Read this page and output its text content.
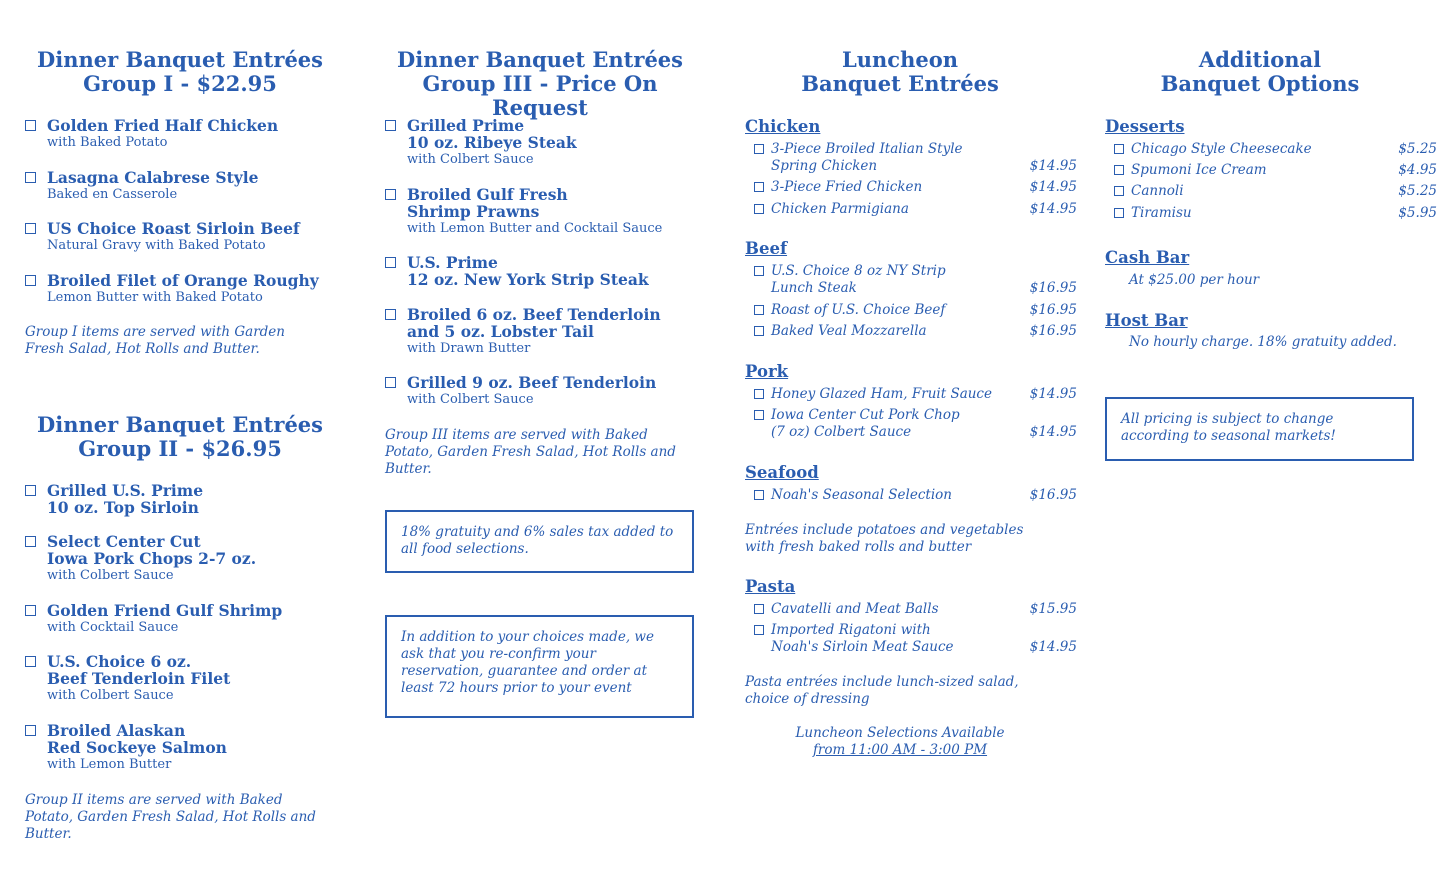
Dinner Banquet Entrées
Group I - $22.95
Golden Fried Half Chicken
with Baked Potato
Lasagna Calabrese Style
Baked en Casserole
US Choice Roast Sirloin Beef
Natural Gravy with Baked Potato
Broiled Filet of Orange Roughy
Lemon Butter with Baked Potato
Group I items are served with Garden Fresh Salad, Hot Rolls and Butter.
Dinner Banquet Entrées
Group II - $26.95
Grilled U.S. Prime
10 oz. Top Sirloin
Select Center Cut
Iowa Pork Chops 2-7 oz.
with Colbert Sauce
Golden Friend Gulf Shrimp
with Cocktail Sauce
U.S. Choice 6 oz.
Beef Tenderloin Filet
with Colbert Sauce
Broiled Alaskan
Red Sockeye Salmon
with Lemon Butter
Group II items are served with Baked Potato, Garden Fresh Salad, Hot Rolls and Butter.
Dinner Banquet Entrées
Group III - Price On Request
Grilled Prime
10 oz. Ribeye Steak
with Colbert Sauce
Broiled Gulf Fresh
Shrimp Prawns
with Lemon Butter and Cocktail Sauce
U.S. Prime
12 oz. New York Strip Steak
Broiled 6 oz. Beef Tenderloin
and 5 oz. Lobster Tail
with Drawn Butter
Grilled 9 oz. Beef Tenderloin
with Colbert Sauce
Group III items are served with Baked Potato, Garden Fresh Salad, Hot Rolls and Butter.
18% gratuity and 6% sales tax added to all food selections.
In addition to your choices made, we ask that you re-confirm your reservation, guarantee and order at least 72 hours prior to your event
Luncheon
Banquet Entrées
Chicken
3-Piece Broiled Italian Style
Spring Chicken	$14.95
3-Piece Fried Chicken	$14.95
Chicken Parmigiana	$14.95
Beef
U.S. Choice 8 oz NY Strip
Lunch Steak	$16.95
Roast of U.S. Choice Beef	$16.95
Baked Veal Mozzarella	$16.95
Pork
Honey Glazed Ham, Fruit Sauce	$14.95
Iowa Center Cut Pork Chop
(7 oz) Colbert Sauce	$14.95
Seafood
Noah's Seasonal Selection	$16.95
Entrées include potatoes and vegetables with fresh baked rolls and butter
Pasta
Cavatelli and Meat Balls	$15.95
Imported Rigatoni with
Noah's Sirloin Meat Sauce	$14.95
Pasta entrées include lunch-sized salad, choice of dressing
Luncheon Selections Available
from 11:00 AM - 3:00 PM
Additional
Banquet Options
Desserts
Chicago Style Cheesecake	$5.25
Spumoni Ice Cream	$4.95
Cannoli	$5.25
Tiramisu	$5.95
Cash Bar
At $25.00 per hour
Host Bar
No hourly charge. 18% gratuity added.
All pricing is subject to change according to seasonal markets!
